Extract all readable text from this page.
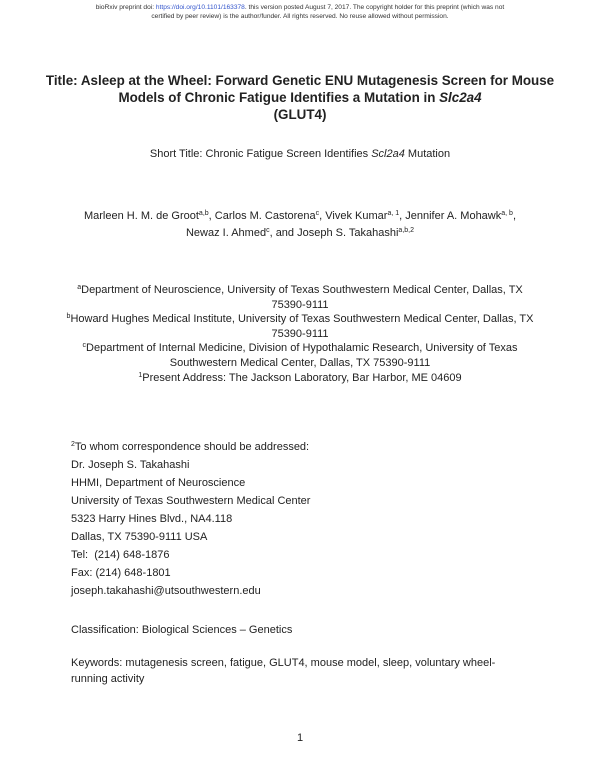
bioRxiv preprint doi: https://doi.org/10.1101/163378. this version posted August 7, 2017. The copyright holder for this preprint (which was not
certified by peer review) is the author/funder. All rights reserved. No reuse allowed without permission.
Title: Asleep at the Wheel: Forward Genetic ENU Mutagenesis Screen for Mouse Models of Chronic Fatigue Identifies a Mutation in Slc2a4
(GLUT4)
Short Title: Chronic Fatigue Screen Identifies Scl2a4 Mutation
Marleen H. M. de Groot$^{a,b}$, Carlos M. Castorena$^c$, Vivek Kumar$^{a, 1}$, Jennifer A. Mohawk$^{a, b}$, Newaz I. Ahmed$^c$, and Joseph S. Takahashi$^{a,b,2}$
$^a$Department of Neuroscience, University of Texas Southwestern Medical Center, Dallas, TX 75390-9111
$^b$Howard Hughes Medical Institute, University of Texas Southwestern Medical Center, Dallas, TX 75390-9111
$^c$Department of Internal Medicine, Division of Hypothalamic Research, University of Texas Southwestern Medical Center, Dallas, TX 75390-9111
$^1$Present Address: The Jackson Laboratory, Bar Harbor, ME 04609
$^2$To whom correspondence should be addressed:
Dr. Joseph S. Takahashi
HHMI, Department of Neuroscience
University of Texas Southwestern Medical Center
5323 Harry Hines Blvd., NA4.118
Dallas, TX 75390-9111 USA
Tel:  (214) 648-1876
Fax: (214) 648-1801
joseph.takahashi@utsouthwestern.edu
Classification: Biological Sciences – Genetics
Keywords: mutagenesis screen, fatigue, GLUT4, mouse model, sleep, voluntary wheel-running activity
1
